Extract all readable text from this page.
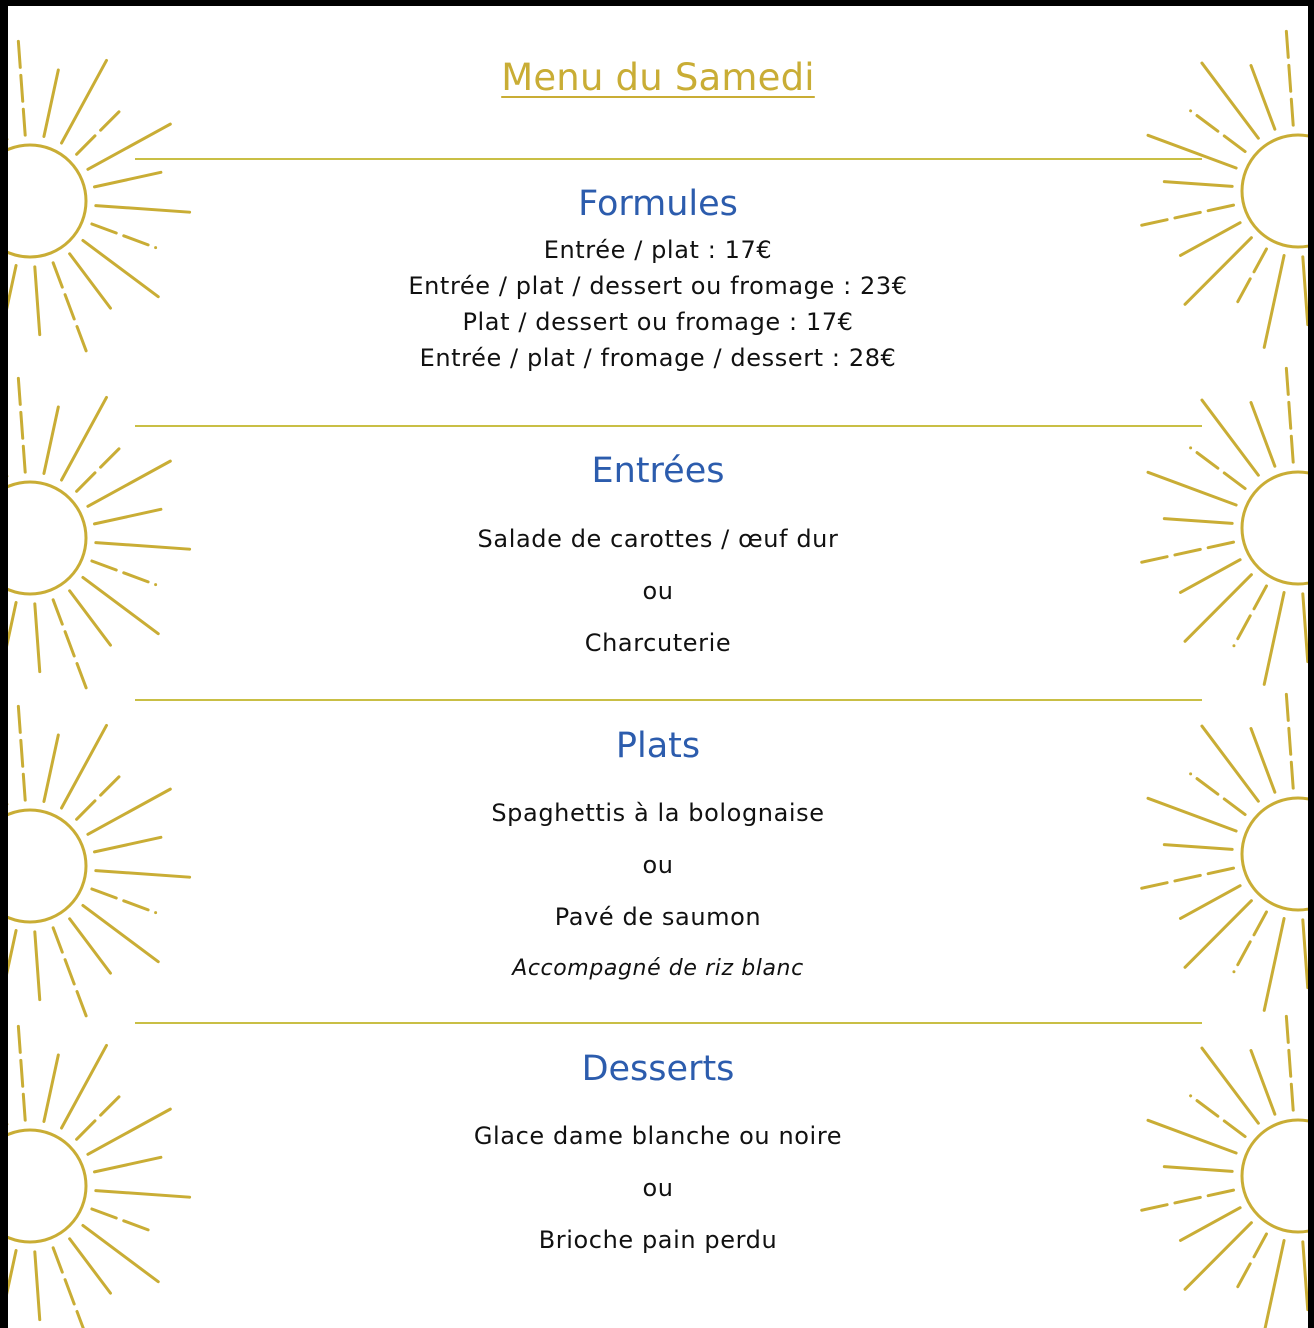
Menu du Samedi
Formules
Entrée / plat : 17€
Entrée / plat / dessert ou fromage : 23€
Plat / dessert ou fromage : 17€
Entrée / plat / fromage / dessert : 28€
Entrées
Salade de carottes / œuf dur
ou
Charcuterie
Plats
Spaghettis à la bolognaise
ou
Pavé de saumon
Accompagné de riz blanc
Desserts
Glace dame blanche ou noire
ou
Brioche pain perdu
